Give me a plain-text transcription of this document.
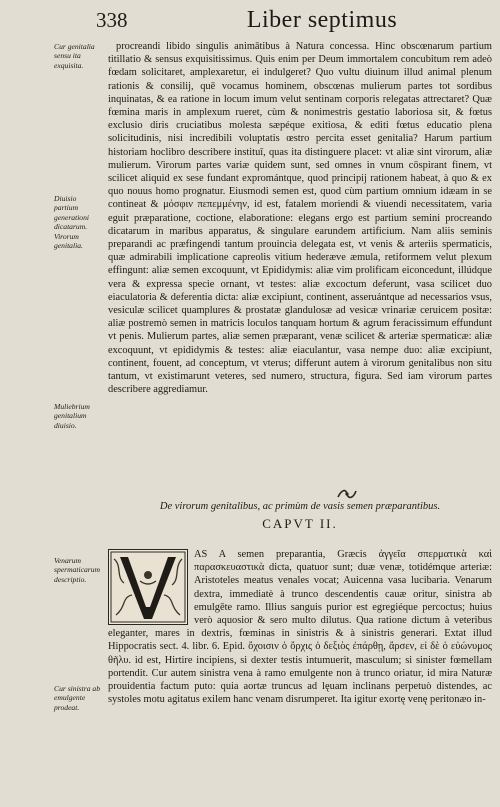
338	Liber septimus
Cur genitalia sensu ita exquisita.
Diuisio partium generationi dicatarum. Virorum genitalia.
Muliebrium genitalium diuisio.
Venarum spermaticarum descriptio.
Cur sinistra ab emulgente prodeat.

procreandi libido singulis animātibus à Natura concessa. Hinc obscœnarum partium titillatio & sensus exquisitissimus. Quis enim per Deum immortalem concubitum rem adeò fœdam solicitaret, amplexaretur, ei indulgeret? Quo vultu diuinum illud animal plenum rationis & consilij, quē vocamus hominem, obscœnas mulierum partes tot sordibus inquinatas, & ea ratione in locum imum velut sentinam corporis relegatas attrectaret? Quæ fœmina maris in amplexum rueret, cùm & nonimestris gestatio laboriosa sit, & fœtus exclusio diris cruciatibus molesta sæpéque exitiosa, & editi fœtus educatio plena solicitudinis, nisi incredibili voluptatis œstro percita esset genitalia? Harum partium historiam hoclibro describere instituī, quas ita distinguere placet: vt aliæ sint virorum, aliæ mulierum. Virorum partes variæ quidem sunt, sed omnes in vnum cōspirant finem, vt scilicet aliquid ex sese fundant expromántque, quod principij rationem habeat, à quo & ex quo nouus homo prognatur. Eiusmodi semen est, quod cùm partium omnium idæam in se contineat & μόσφιν πεπεμμένην, id est, fatalem moriendi & viuendi necessitatem, varia eguit præparatione, coctione, elaboratione: elegans ergo est partium semini procreando dicatarum in maribus apparatus, & singulare earundem artificium. Nam aliis seminis preparandi ac præfingendi tantum prouincia delegata est, vt venis & arteriis spermaticis, quæ admirabili implicatione capreolis vitium hederæve æmula, retiformem velut plexum effingunt: aliæ semen excoquunt, vt Epididymis: aliæ vim prolificam eiconcedunt, illúdque vera & expressa specie ornant, vt testes: aliæ excoctum deferunt, vasa scilicet duo eiaculatoria & deferentia dicta: aliæ excipiunt, continent, asseruántque ad necessarios vsus, vesiculæ scilicet quamplures & prostatæ glandulosæ ad vesicæ vrinariæ ceruicem positæ: aliæ postremò semen in matricis loculos tanquam hortum & agrum feracissimum effundunt vt penis. Mulierum partes, aliæ semen præparant, venæ scilicet & arteriæ spermaticæ: aliæ excoquunt, vt epididymis & testes: aliæ eiaculantur, vasa nempe duo: aliæ excipiunt, continent, fouent, ad conceptum, vt vterus; differunt autem à virorum genitalibus non situ tantum, vt existimarunt veteres, sed numero, structura, figura. Sed iam virorum partes describere aggrediamur.

De virorum genitalibus, ac primùm de vasis semen præparantibus.
CAPVT II.

AS A semen preparantia, Græcis ἀγγεῖα σπερματικὰ καὶ παρασκευαστικὰ dicta, quatuor sunt; duæ venæ, totidémque arteriæ: Aristoteles meatus venales vocat; Auicenna vasa lucibaria. Venarum dextra, immediatè à trunco descendentis cauæ oritur, sinistra ab emulgēte ramo. Illius sanguis purior est egregiéque percoctus; huius verò aquosior & sero multo dilutus. Qua ratione dictum à veteribus eleganter, mares in dextris, fœminas in sinistris & à sinistris generari. Extat illud Hippocratis sect. 4. libr. 6. Epid. ὄχοισιν ὁ ὄρχις ὁ δεξιὸς ἐπάρθῃ, ἄρσεν, εἰ δὲ ὁ εὐώνυμος θῆλυ. id est, Hirtire incipiens, si dexter testis intumuerit, masculum; si sinister fœmellam portendit. Cur autem sinistra vena à ramo emulgente non à trunco oriatur, id mira Naturæ prouidentia factum puto: quia aortæ truncus ad lęuam inclinans perpetuò distendes, ac systoles motu agitatus exilem hanc venam disrumperet. Ita igitur exortę venę peritonæo in-
